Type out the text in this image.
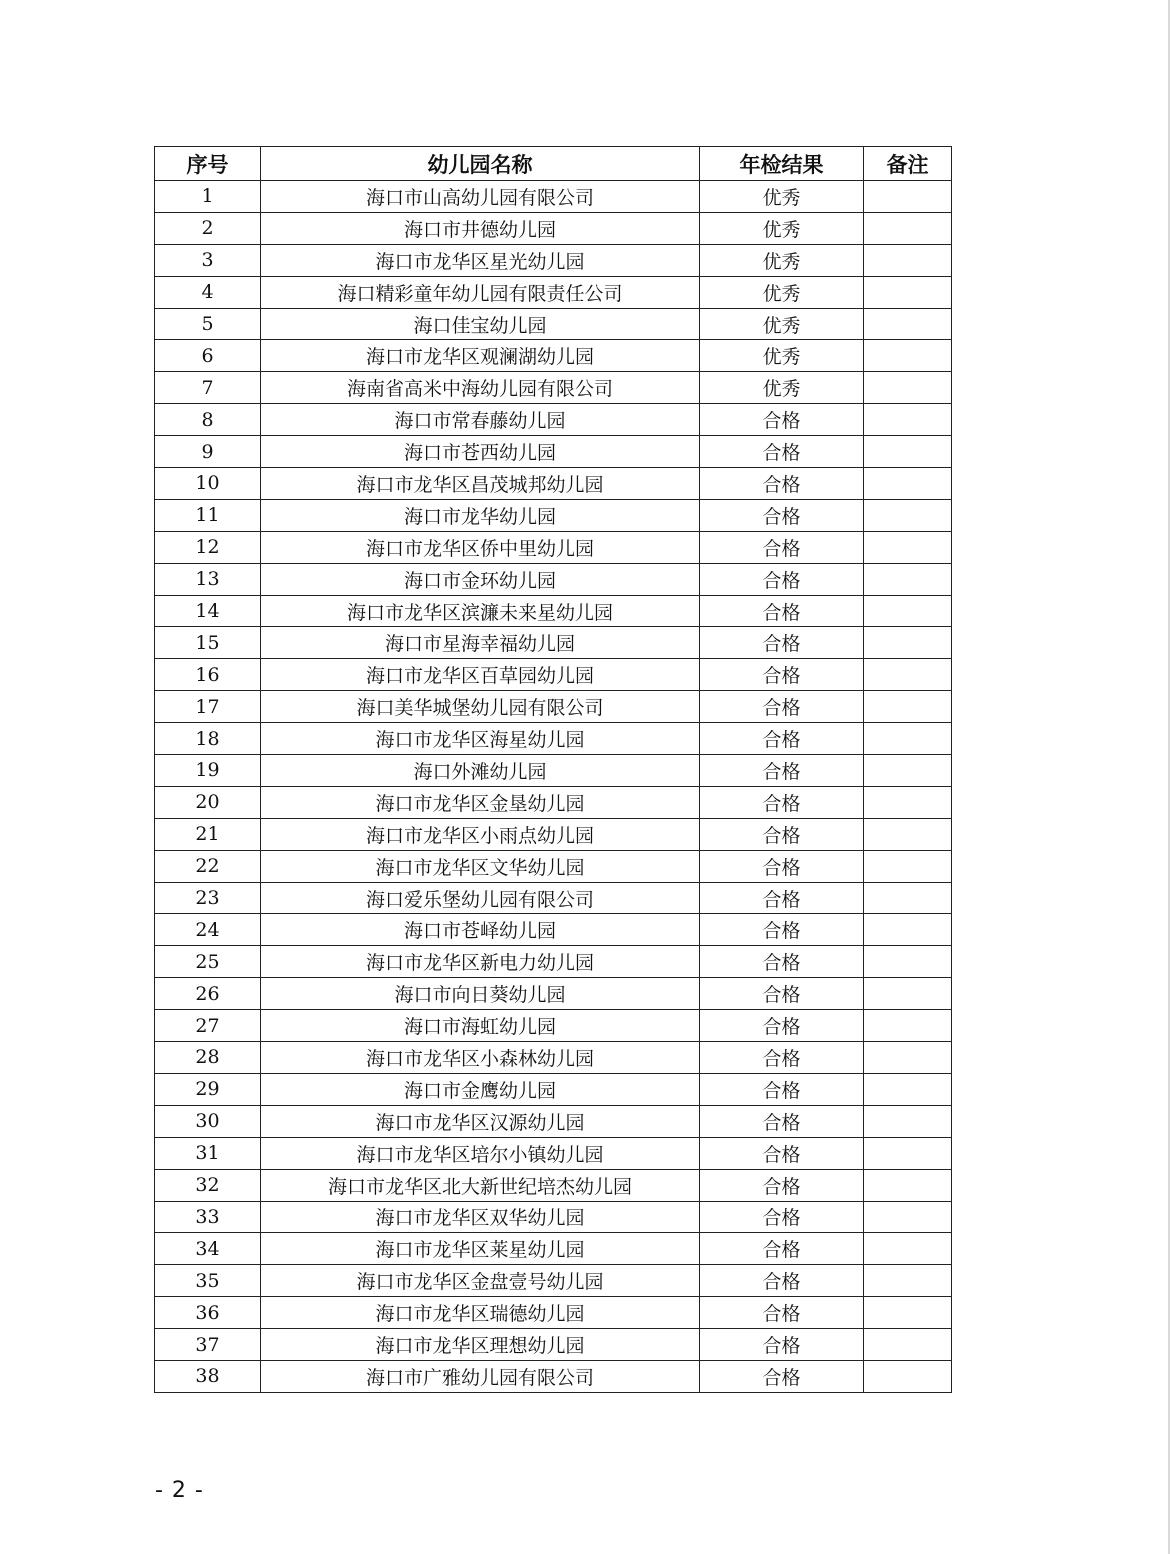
序号	幼儿园名称	年检结果	备注
1	海口市山高幼儿园有限公司	优秀	
2	海口市井德幼儿园	优秀	
3	海口市龙华区星光幼儿园	优秀	
4	海口精彩童年幼儿园有限责任公司	优秀	
5	海口佳宝幼儿园	优秀	
6	海口市龙华区观澜湖幼儿园	优秀	
7	海南省高米中海幼儿园有限公司	优秀	
8	海口市常春藤幼儿园	合格	
9	海口市苍西幼儿园	合格	
10	海口市龙华区昌茂城邦幼儿园	合格	
11	海口市龙华幼儿园	合格	
12	海口市龙华区侨中里幼儿园	合格	
13	海口市金环幼儿园	合格	
14	海口市龙华区滨濂未来星幼儿园	合格	
15	海口市星海幸福幼儿园	合格	
16	海口市龙华区百草园幼儿园	合格	
17	海口美华城堡幼儿园有限公司	合格	
18	海口市龙华区海星幼儿园	合格	
19	海口外滩幼儿园	合格	
20	海口市龙华区金垦幼儿园	合格	
21	海口市龙华区小雨点幼儿园	合格	
22	海口市龙华区文华幼儿园	合格	
23	海口爱乐堡幼儿园有限公司	合格	
24	海口市苍峄幼儿园	合格	
25	海口市龙华区新电力幼儿园	合格	
26	海口市向日葵幼儿园	合格	
27	海口市海虹幼儿园	合格	
28	海口市龙华区小森林幼儿园	合格	
29	海口市金鹰幼儿园	合格	
30	海口市龙华区汉源幼儿园	合格	
31	海口市龙华区培尔小镇幼儿园	合格	
32	海口市龙华区北大新世纪培杰幼儿园	合格	
33	海口市龙华区双华幼儿园	合格	
34	海口市龙华区莱星幼儿园	合格	
35	海口市龙华区金盘壹号幼儿园	合格	
36	海口市龙华区瑞德幼儿园	合格	
37	海口市龙华区理想幼儿园	合格	
38	海口市广雅幼儿园有限公司	合格	
- 2 -
